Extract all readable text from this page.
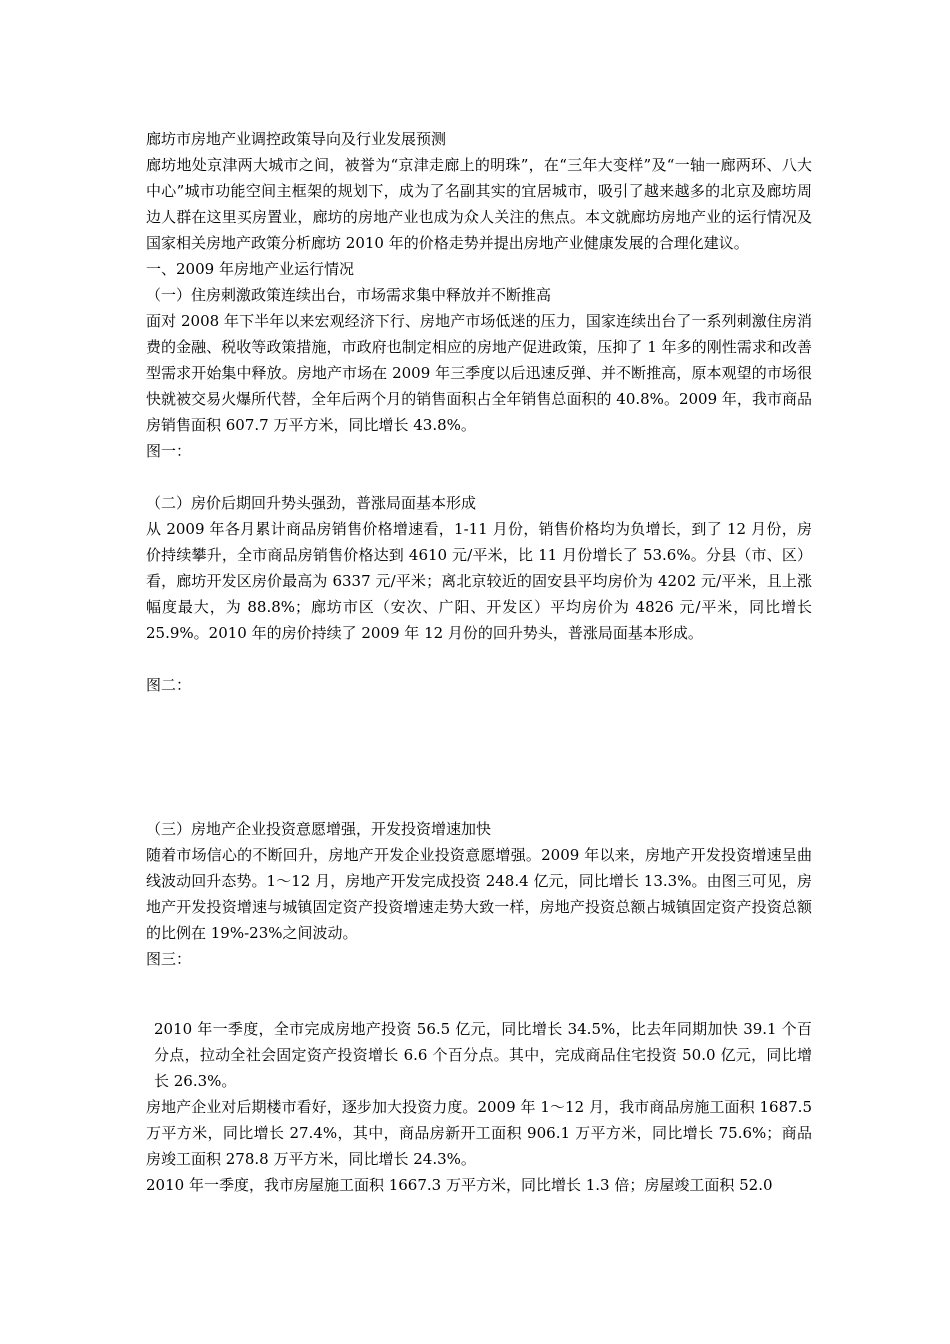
廊坊市房地产业调控政策导向及行业发展预测

廊坊地处京津两大城市之间，被誉为“京津走廊上的明珠”，在“三年大变样”及“一轴一廊两环、八大中心”城市功能空间主框架的规划下，成为了名副其实的宜居城市，吸引了越来越多的北京及廊坊周边人群在这里买房置业，廊坊的房地产业也成为众人关注的焦点。本文就廊坊房地产业的运行情况及国家相关房地产政策分析廊坊 2010 年的价格走势并提出房地产业健康发展的合理化建议。

一、2009 年房地产业运行情况

（一）住房刺激政策连续出台，市场需求集中释放并不断推高

面对 2008 年下半年以来宏观经济下行、房地产市场低迷的压力，国家连续出台了一系列刺激住房消费的金融、税收等政策措施，市政府也制定相应的房地产促进政策，压抑了 1 年多的刚性需求和改善型需求开始集中释放。房地产市场在 2009 年三季度以后迅速反弹、并不断推高，原本观望的市场很快就被交易火爆所代替，全年后两个月的销售面积占全年销售总面积的 40.8%。2009 年，我市商品房销售面积 607.7 万平方米，同比增长 43.8%。

图一：

（二）房价后期回升势头强劲，普涨局面基本形成

从 2009 年各月累计商品房销售价格增速看，1-11 月份，销售价格均为负增长，到了 12 月份，房价持续攀升，全市商品房销售价格达到 4610 元/平米，比 11 月份增长了 53.6%。分县（市、区）看，廊坊开发区房价最高为 6337 元/平米；离北京较近的固安县平均房价为 4202 元/平米，且上涨幅度最大，为 88.8%；廊坊市区（安次、广阳、开发区）平均房价为 4826 元/平米，同比增长 25.9%。2010 年的房价持续了 2009 年 12 月份的回升势头，普涨局面基本形成。

图二：

（三）房地产企业投资意愿增强，开发投资增速加快

随着市场信心的不断回升，房地产开发企业投资意愿增强。2009 年以来，房地产开发投资增速呈曲线波动回升态势。1～12 月，房地产开发完成投资 248.4 亿元，同比增长 13.3%。由图三可见，房地产开发投资增速与城镇固定资产投资增速走势大致一样，房地产投资总额占城镇固定资产投资总额的比例在 19%-23%之间波动。

图三：

2010 年一季度，全市完成房地产投资 56.5 亿元，同比增长 34.5%，比去年同期加快 39.1 个百分点，拉动全社会固定资产投资增长 6.6 个百分点。其中，完成商品住宅投资 50.0 亿元，同比增长 26.3%。

房地产企业对后期楼市看好，逐步加大投资力度。2009 年 1～12 月，我市商品房施工面积 1687.5 万平方米，同比增长 27.4%，其中，商品房新开工面积 906.1 万平方米，同比增长 75.6%；商品房竣工面积 278.8 万平方米，同比增长 24.3%。

2010 年一季度，我市房屋施工面积 1667.3 万平方米，同比增长 1.3 倍；房屋竣工面积 52.0
